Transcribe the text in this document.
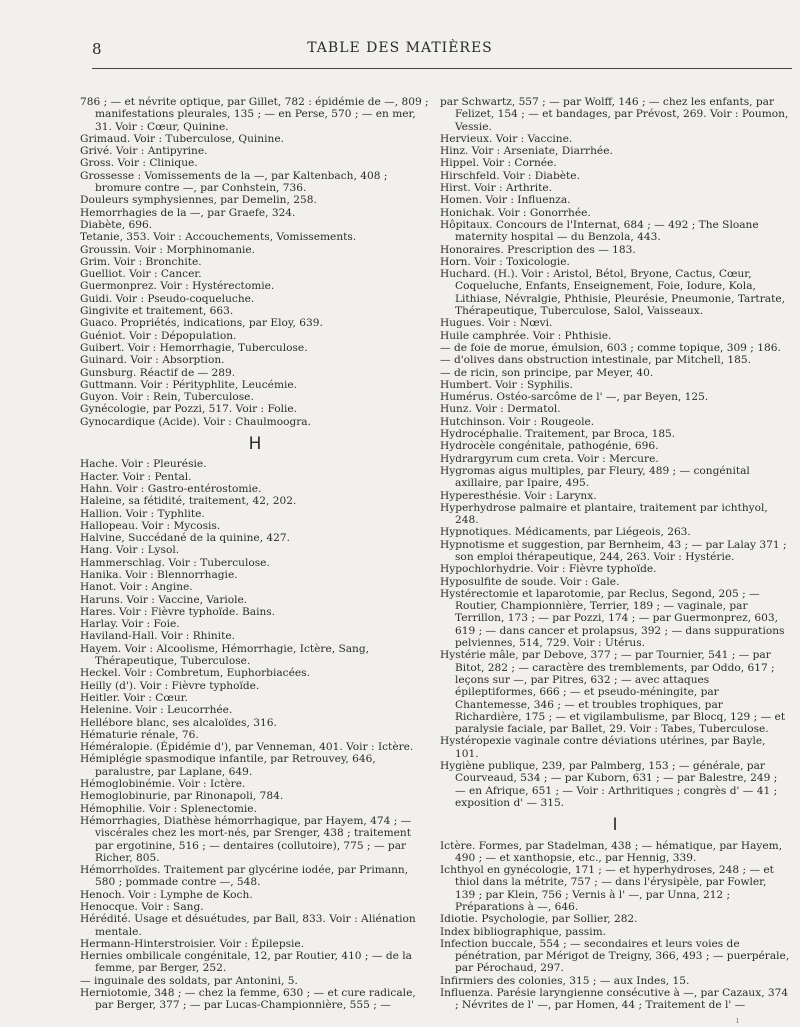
8	TABLE DES MATIÈRES

786 ; — et névrite optique, par Gillet, 782 : épidémie de —, 809 ; manifestations pleurales, 135 ; — en Perse, 570 ; — en mer, 31. Voir : Cœur, Quinine.

Grimaud. Voir : Tuberculose, Quinine.

Grivé. Voir : Antipyrine.

Gross. Voir : Clinique.

Grossesse : Vomissements de la —, par Kaltenbach, 408 ; bromure contre —, par Conhstein, 736.

Douleurs symphysiennes, par Demelin, 258.

Hemorrhagies de la —, par Graefe, 324.

Diabète, 696.

Tetanie, 353. Voir : Accouchements, Vomissements.

Groussin. Voir : Morphinomanie.

Grim. Voir : Bronchite.

Guelliot. Voir : Cancer.

Guermonprez. Voir : Hystérectomie.

Guidi. Voir : Pseudo-coqueluche.

Gingivite et traitement, 663.

Guaco. Propriétés, indications, par Eloy, 639.

Guéniot. Voir : Dépopulation.

Guibert. Voir : Hemorrhagie, Tuberculose.

Guinard. Voir : Absorption.

Gunsburg. Réactif de — 289.

Guttmann. Voir : Pérityphlite, Leucémie.

Guyon. Voir : Rein, Tuberculose.

Gynécologie, par Pozzi, 517. Voir : Folie.

Gynocardique (Acide). Voir : Chaulmoogra.

H

Hache. Voir : Pleurésie.

Hacter. Voir : Pental.

Hahn. Voir : Gastro-entérostomie.

Haleine, sa fétidité, traitement, 42, 202.

Hallion. Voir : Typhlite.

Hallopeau. Voir : Mycosis.

Halvine, Succédané de la quinine, 427.

Hang. Voir : Lysol.

Hammerschlag. Voir : Tuberculose.

Hanika. Voir : Blennorrhagie.

Hanot. Voir : Angine.

Haruns. Voir : Vaccine, Variole.

Hares. Voir : Fièvre typhoïde. Bains.

Harlay. Voir : Foie.

Haviland-Hall. Voir : Rhinite.

Hayem. Voir : Alcoolisme, Hémorrhagie, Ictère, Sang, Thérapeutique, Tuberculose.

Heckel. Voir : Combretum, Euphorbiacées.

Heilly (d'). Voir : Fièvre typhoïde.

Heitler. Voir : Cœur.

Helenine. Voir : Leucorrhée.

Hellébore blanc, ses alcaloïdes, 316.

Hématurie rénale, 76.

Héméralopie. (Épidémie d'), par Venneman, 401. Voir : Ictère.

Hémiplégie spasmodique infantile, par Retrouvey, 646, paralustre, par Laplane, 649.

Hémoglobinémie. Voir : Ictère.

Hemoglobinurie, par Rinonapoli, 784.

Hémophilie. Voir : Splenectomie.

Hémorrhagies, Diathèse hémorrhagique, par Hayem, 474 ; — viscérales chez les mort-nés, par Srenger, 438 ; traitement par ergotinine, 516 ; — dentaires (collutoire), 775 ; — par Richer, 805.

Hémorrhoïdes. Traitement par glycérine iodée, par Primann, 580 ; pommade contre —, 548.

Henoch. Voir : Lymphe de Koch.

Henocque. Voir : Sang.

Hérédité. Usage et désuétudes, par Ball, 833. Voir : Aliénation mentale.

Hermann-Hinterstroisier. Voir : Épilepsie.

Hernies ombilicale congénitale, 12, par Routier, 410 ; — de la femme, par Berger, 252.

— inguinale des soldats, par Antonini, 5.

Herniotomie, 348 ; — chez la femme, 630 ; — et cure radicale, par Berger, 377 ; — par Lucas-Championnière, 555 ; —

par Schwartz, 557 ; — par Wolff, 146 ; — chez les enfants, par Felizet, 154 ; — et bandages, par Prévost, 269. Voir : Poumon, Vessie.

Hervieux. Voir : Vaccine.

Hinz. Voir : Arseniate, Diarrhée.

Hippel. Voir : Cornée.

Hirschfeld. Voir : Diabète.

Hirst. Voir : Arthrite.

Homen. Voir : Influenza.

Honichak. Voir : Gonorrhée.

Hôpitaux. Concours de l'Internat, 684 ; — 492 ; The Sloane maternity hospital — du Benzola, 443.

Honoraires. Prescription des — 183.

Horn. Voir : Toxicologie.

Huchard. (H.). Voir : Aristol, Bétol, Bryone, Cactus, Cœur, Coqueluche, Enfants, Enseignement, Foie, Iodure, Kola, Lithiase, Névralgie, Phthisie, Pleurésie, Pneumonie, Tartrate, Thérapeutique, Tuberculose, Salol, Vaisseaux.

Hugues. Voir : Nœvi.

Huile camphrée. Voir : Phthisie.

— de foie de morue, émulsion, 603 ; comme topique, 309 ; 186.

— d'olives dans obstruction intestinale, par Mitchell, 185.

— de ricin, son principe, par Meyer, 40.

Humbert. Voir : Syphilis.

Humérus. Ostéo-sarcôme de l' —, par Beyen, 125.

Hunz. Voir : Dermatol.

Hutchinson. Voir : Rougeole.

Hydrocéphalie. Traitement, par Broca, 185.

Hydrocèle congénitale, pathogénie, 696.

Hydrargyrum cum creta. Voir : Mercure.

Hygromas aigus multiples, par Fleury, 489 ; — congénital axillaire, par Ipaire, 495.

Hyperesthésie. Voir : Larynx.

Hyperhydrose palmaire et plantaire, traitement par ichthyol, 248.

Hypnotiques. Médicaments, par Liégeois, 263.

Hypnotisme et suggestion, par Bernheim, 43 ; — par Lalay 371 ; son emploi thérapeutique, 244, 263. Voir : Hystérie.

Hypochlorhydrie. Voir : Fièvre typhoïde.

Hyposulfite de soude. Voir : Gale.

Hystérectomie et laparotomie, par Reclus, Segond, 205 ; — Routier, Championnière, Terrier, 189 ; — vaginale, par Terrillon, 173 ; — par Pozzi, 174 ; — par Guermonprez, 603, 619 ; — dans cancer et prolapsus, 392 ; — dans suppurations pelviennes, 514, 729. Voir : Utérus.

Hystérie mâle, par Debove, 377 ; — par Tournier, 541 ; — par Bitot, 282 ; — caractère des tremblements, par Oddo, 617 ; leçons sur —, par Pitres, 632 ; — avec attaques épileptiformes, 666 ; — et pseudo-méningite, par Chantemesse, 346 ; — et troubles trophiques, par Richardière, 175 ; — et vigilambulisme, par Blocq, 129 ; — et paralysie faciale, par Ballet, 29. Voir : Tabes, Tuberculose.

Hystéropexie vaginale contre déviations utérines, par Bayle, 101.

Hygiène publique, 239, par Palmberg, 153 ; — générale, par Courveaud, 534 ; — par Kuborn, 631 ; — par Balestre, 249 ; — en Afrique, 651 ; — Voir : Arthritiques ; congrès d' — 41 ; exposition d' — 315.

I

Ictère. Formes, par Stadelman, 438 ; — hématique, par Hayem, 490 ; — et xanthopsie, etc., par Hennig, 339.

Ichthyol en gynécologie, 171 ; — et hyperhydroses, 248 ; — et thiol dans la métrite, 757 ; — dans l'érysipèle, par Fowler, 139 ; par Klein, 756 ; Vernis à l' —, par Unna, 212 ; Préparations à —, 646.

Idiotie. Psychologie, par Sollier, 282.

Index bibliographique, passim.

Infection buccale, 554 ; — secondaires et leurs voies de pénétration, par Mérigot de Treigny, 366, 493 ; — puerpérale, par Pérochaud, 297.

Infirmiers des colonies, 315 ; — aux Indes, 15.

Influenza. Parésie laryngienne consécutive à —, par Cazaux, 374 ; Névrites de l' —, par Homen, 44 ; Traitement de l' —

ı
